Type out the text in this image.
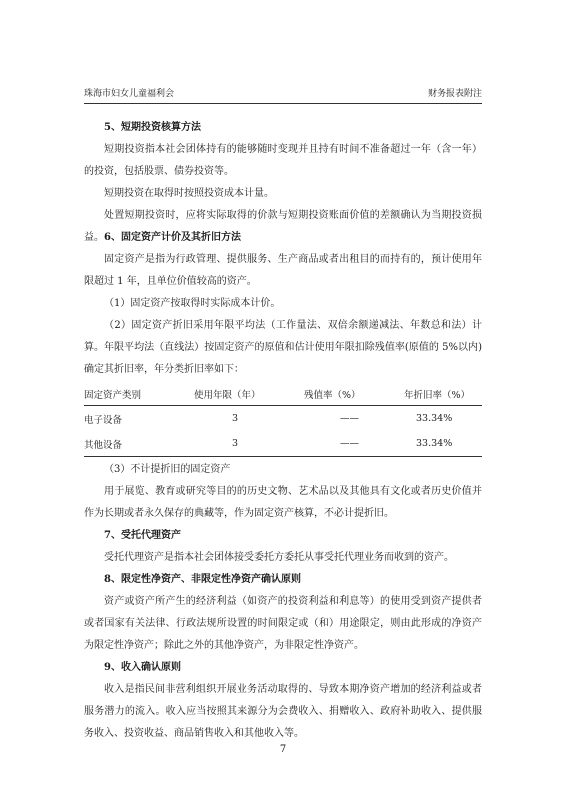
珠海市妇女儿童福利会	财务报表附注
5、短期投资核算方法

短期投资指本社会团体持有的能够随时变现并且持有时间不准备超过一年（含一年）的投资，包括股票、债券投资等。

短期投资在取得时按照投资成本计量。

处置短期投资时，应将实际取得的价款与短期投资账面价值的差额确认为当期投资损益。 6、固定资产计价及其折旧方法

固定资产是指为行政管理、提供服务、生产商品或者出租目的而持有的，预计使用年限超过 1 年，且单位价值较高的资产。

（1）固定资产按取得时实际成本计价。

（2）固定资产折旧采用年限平均法（工作量法、双倍余额递减法、年数总和法）计算。 年限平均法（直线法）按固定资产的原值和估计使用年限扣除残值率(原值的 5%以内)确定其折旧率，年分类折旧率如下：

固定资产类别	使用年限（年）	残值率（%）	年折旧率（%）
电子设备	3	——	33.34%
其他设备	3	——	33.34%

（3）不计提折旧的固定资产

用于展览、教育或研究等目的的历史文物、艺术品以及其他具有文化或者历史价值并作为长期或者永久保存的典藏等，作为固定资产核算，不必计提折旧。

7、受托代理资产

受托代理资产是指本社会团体接受委托方委托从事受托代理业务而收到的资产。

8、限定性净资产、非限定性净资产确认原则

资产或资产所产生的经济利益（如资产的投资利益和利息等）的使用受到资产提供者或者国家有关法律、行政法规所设置的时间限定或（和）用途限定，则由此形成的净资产为限定性净资产；除此之外的其他净资产，为非限定性净资产。

9、收入确认原则

收入是指民间非营利组织开展业务活动取得的、导致本期净资产增加的经济利益或者服务潜力的流入。收入应当按照其来源分为会费收入、捐赠收入、政府补助收入、提供服务收入、投资收益、商品销售收入和其他收入等。

7
